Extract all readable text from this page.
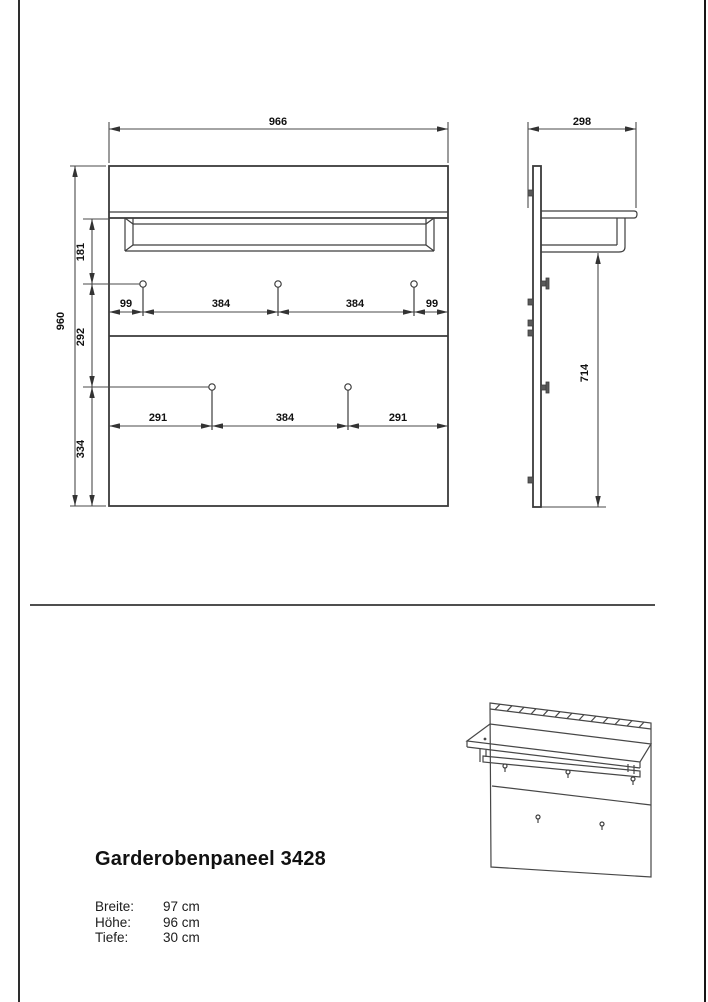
966
960
181
292
334
99	384	384	99
291	384	291
298
714
Garderobenpaneel 3428
Breite:	97 cm
Höhe:	96 cm
Tiefe:	30 cm
